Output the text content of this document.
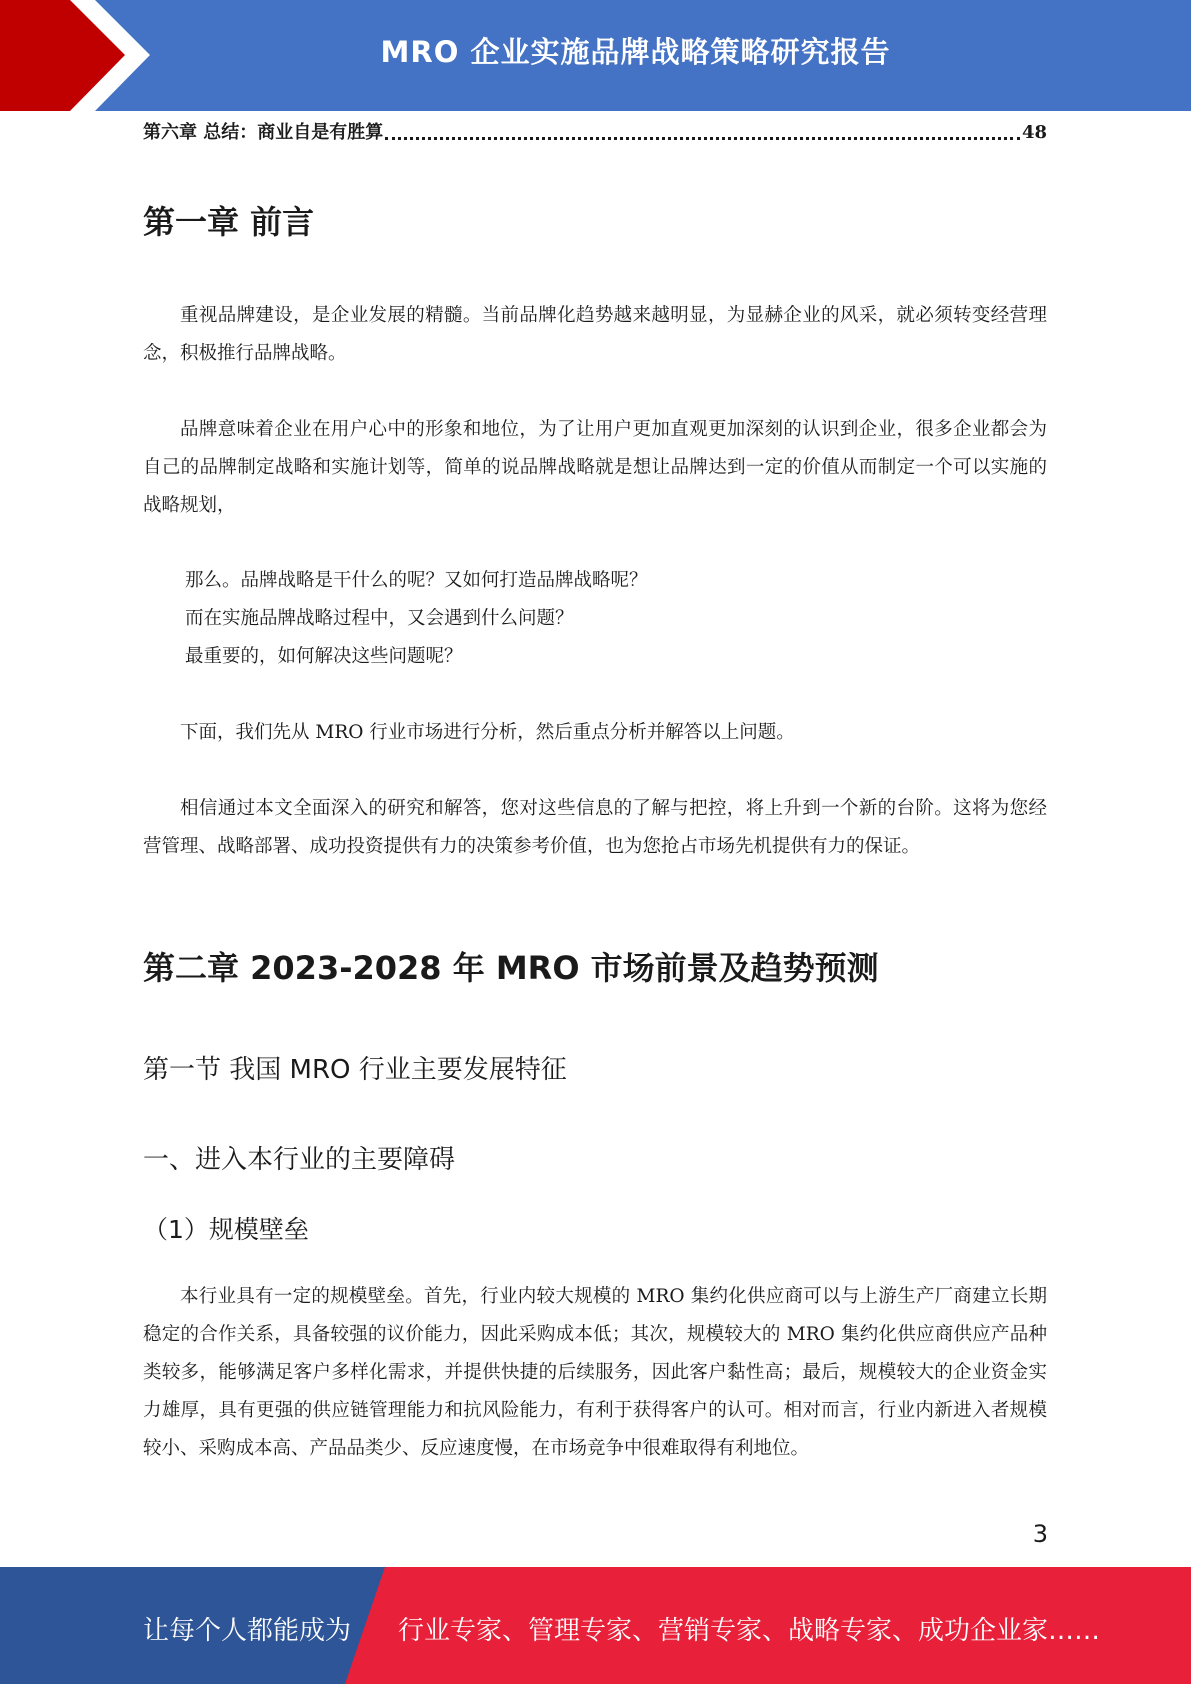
MRO 企业实施品牌战略策略研究报告
第六章 总结：商业自是有胜算	48
第一章 前言

重视品牌建设，是企业发展的精髓。当前品牌化趋势越来越明显，为显赫企业的风采，就必须转变经营理念，积极推行品牌战略。

品牌意味着企业在用户心中的形象和地位，为了让用户更加直观更加深刻的认识到企业，很多企业都会为自己的品牌制定战略和实施计划等，简单的说品牌战略就是想让品牌达到一定的价值从而制定一个可以实施的战略规划，

那么。品牌战略是干什么的呢？又如何打造品牌战略呢？

而在实施品牌战略过程中，又会遇到什么问题？

最重要的，如何解决这些问题呢？

下面，我们先从 MRO 行业市场进行分析，然后重点分析并解答以上问题。

相信通过本文全面深入的研究和解答，您对这些信息的了解与把控，将上升到一个新的台阶。这将为您经营管理、战略部署、成功投资提供有力的决策参考价值，也为您抢占市场先机提供有力的保证。

第二章 2023-2028 年 MRO 市场前景及趋势预测
第一节 我国 MRO 行业主要发展特征
一、进入本行业的主要障碍
（1）规模壁垒

本行业具有一定的规模壁垒。首先，行业内较大规模的 MRO 集约化供应商可以与上游生产厂商建立长期稳定的合作关系，具备较强的议价能力，因此采购成本低；其次，规模较大的 MRO 集约化供应商供应产品种类较多，能够满足客户多样化需求，并提供快捷的后续服务，因此客户黏性高；最后，规模较大的企业资金实力雄厚，具有更强的供应链管理能力和抗风险能力，有利于获得客户的认可。相对而言，行业内新进入者规模较小、采购成本高、产品品类少、反应速度慢，在市场竞争中很难取得有利地位。

3
让每个人都能成为 行业专家、管理专家、营销专家、战略专家、成功企业家……
